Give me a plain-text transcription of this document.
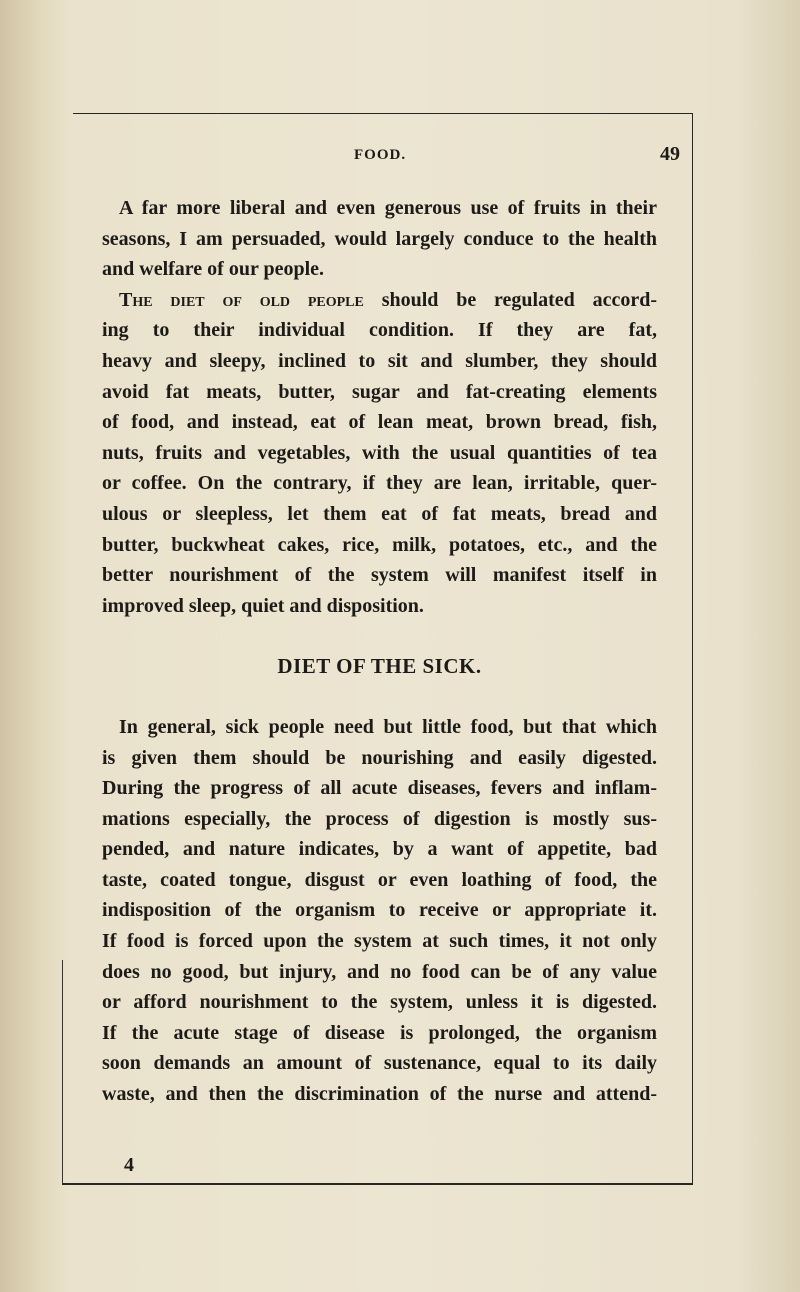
FOOD.	49
A far more liberal and even generous use of fruits in their
seasons, I am persuaded, would largely conduce to the health
and welfare of our people.
The diet of old people should be regulated accord-
ing to their individual condition. If they are fat,
heavy and sleepy, inclined to sit and slumber, they should
avoid fat meats, butter, sugar and fat-creating elements
of food, and instead, eat of lean meat, brown bread, fish,
nuts, fruits and vegetables, with the usual quantities of tea
or coffee. On the contrary, if they are lean, irritable, quer-
ulous or sleepless, let them eat of fat meats, bread and
butter, buckwheat cakes, rice, milk, potatoes, etc., and the
better nourishment of the system will manifest itself in
improved sleep, quiet and disposition.
DIET OF THE SICK.
In general, sick people need but little food, but that which
is given them should be nourishing and easily digested.
During the progress of all acute diseases, fevers and inflam-
mations especially, the process of digestion is mostly sus-
pended, and nature indicates, by a want of appetite, bad
taste, coated tongue, disgust or even loathing of food, the
indisposition of the organism to receive or appropriate it.
If food is forced upon the system at such times, it not only
does no good, but injury, and no food can be of any value
or afford nourishment to the system, unless it is digested.
If the acute stage of disease is prolonged, the organism
soon demands an amount of sustenance, equal to its daily
waste, and then the discrimination of the nurse and attend-
4
